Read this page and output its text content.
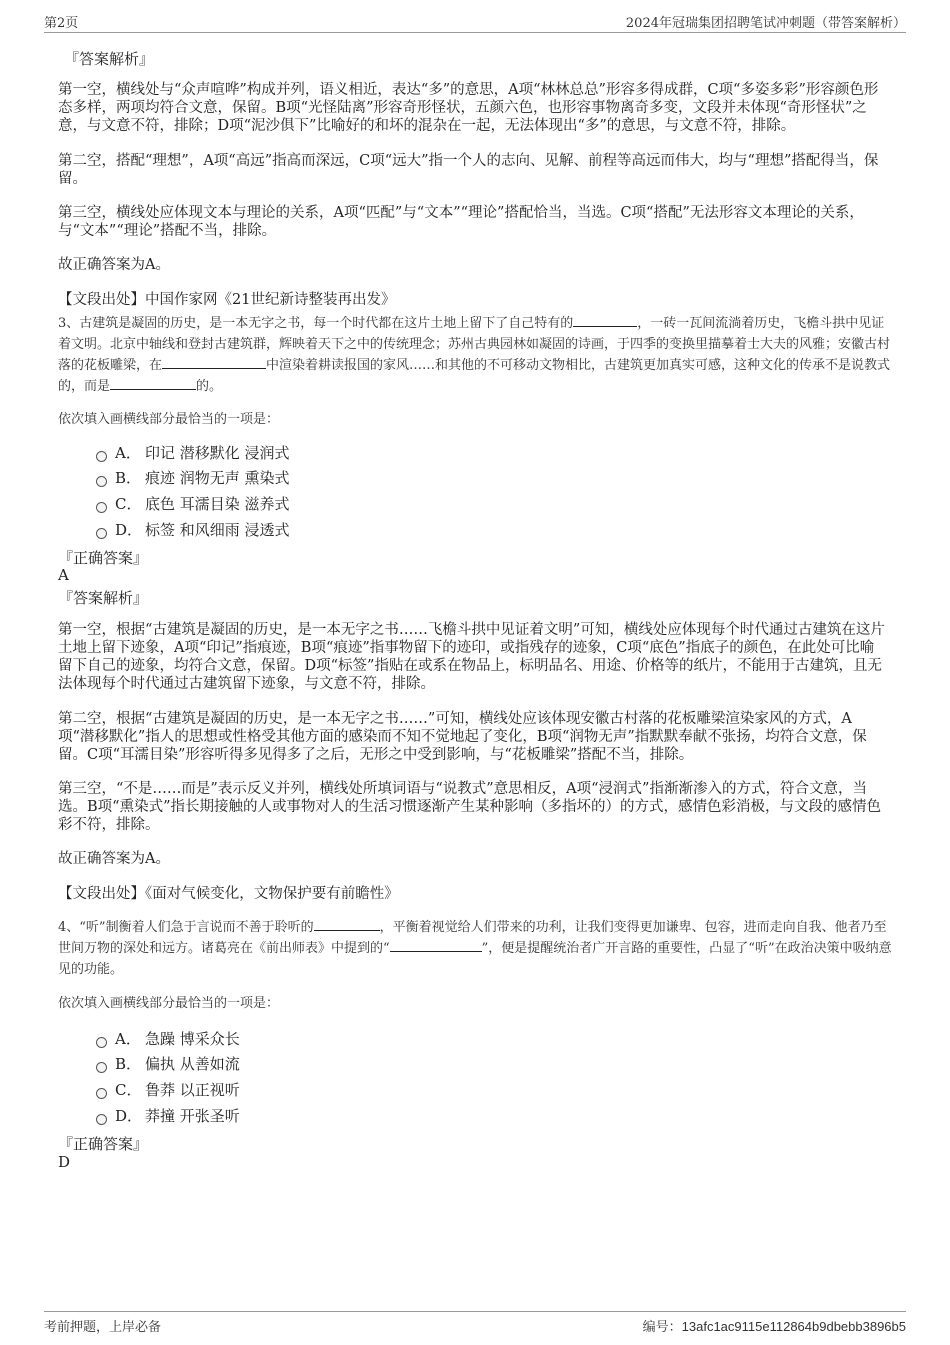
第2页	2024年冠瑞集团招聘笔试冲刺题（带答案解析）
『答案解析』

第一空，横线处与“众声喧哗”构成并列，语义相近，表达“多”的意思，A项“林林总总”形容多得成群，C项“多姿多彩”形容颜色形态多样，两项均符合文意，保留。B项“光怪陆离”形容奇形怪状，五颜六色，也形容事物离奇多变，文段并未体现“奇形怪状”之意，与文意不符，排除；D项“泥沙俱下”比喻好的和坏的混杂在一起，无法体现出“多”的意思，与文意不符，排除。

第二空，搭配“理想”，A项“高远”指高而深远，C项“远大”指一个人的志向、见解、前程等高远而伟大，均与“理想”搭配得当，保留。

第三空，横线处应体现文本与理论的关系，A项“匹配”与“文本”“理论”搭配恰当，当选。C项“搭配”无法形容文本理论的关系，与“文本”“理论”搭配不当，排除。

故正确答案为A。
【文段出处】中国作家网《21世纪新诗整装再出发》

3、古建筑是凝固的历史，是一本无字之书，每一个时代都在这片土地上留下了自己特有的	，一砖一瓦间流淌着历史，飞檐斗拱中见证着文明。北京中轴线和登封古建筑群，辉映着天下之中的传统理念；苏州古典园林如凝固的诗画，于四季的变换里描摹着士大夫的风雅；安徽古村落的花板雕梁，在	中渲染着耕读报国的家风……和其他的不可移动文物相比，古建筑更加真实可感，这种文化的传承不是说教式的，而是	的。

依次填入画横线部分最恰当的一项是：
A． 印记 潜移默化 浸润式
B． 痕迹 润物无声 熏染式
C． 底色 耳濡目染 滋养式
D． 标签 和风细雨 浸透式
『正确答案』
A
『答案解析』

第一空，根据“古建筑是凝固的历史，是一本无字之书……飞檐斗拱中见证着文明”可知，横线处应体现每个时代通过古建筑在这片土地上留下迹象，A项“印记”指痕迹，B项“痕迹”指事物留下的迹印，或指残存的迹象，C项“底色”指底子的颜色，在此处可比喻留下自己的迹象，均符合文意，保留。D项“标签”指贴在或系在物品上，标明品名、用途、价格等的纸片，不能用于古建筑，且无法体现每个时代通过古建筑留下迹象，与文意不符，排除。

第二空，根据“古建筑是凝固的历史，是一本无字之书……”可知，横线处应该体现安徽古村落的花板雕梁渲染家风的方式，A项“潜移默化”指人的思想或性格受其他方面的感染而不知不觉地起了变化，B项“润物无声”指默默奉献不张扬，均符合文意，保留。C项“耳濡目染”形容听得多见得多了之后，无形之中受到影响，与“花板雕梁”搭配不当，排除。

第三空，“不是……而是”表示反义并列，横线处所填词语与“说教式”意思相反，A项“浸润式”指渐渐渗入的方式，符合文意，当选。B项“熏染式”指长期接触的人或事物对人的生活习惯逐渐产生某种影响（多指坏的）的方式，感情色彩消极，与文段的感情色彩不符，排除。

故正确答案为A。
【文段出处】《面对气候变化，文物保护要有前瞻性》

4、“听”制衡着人们急于言说而不善于聆听的	，平衡着视觉给人们带来的功利，让我们变得更加谦卑、包容，进而走向自我、他者乃至世间万物的深处和远方。诸葛亮在《前出师表》中提到的“	”，便是提醒统治者广开言路的重要性，凸显了“听”在政治决策中吸纳意见的功能。

依次填入画横线部分最恰当的一项是：
A． 急躁 博采众长
B． 偏执 从善如流
C． 鲁莽 以正视听
D． 莽撞 开张圣听
『正确答案』
D
考前押题，上岸必备	编号：13afc1ac9115e112864b9dbebb3896b5
